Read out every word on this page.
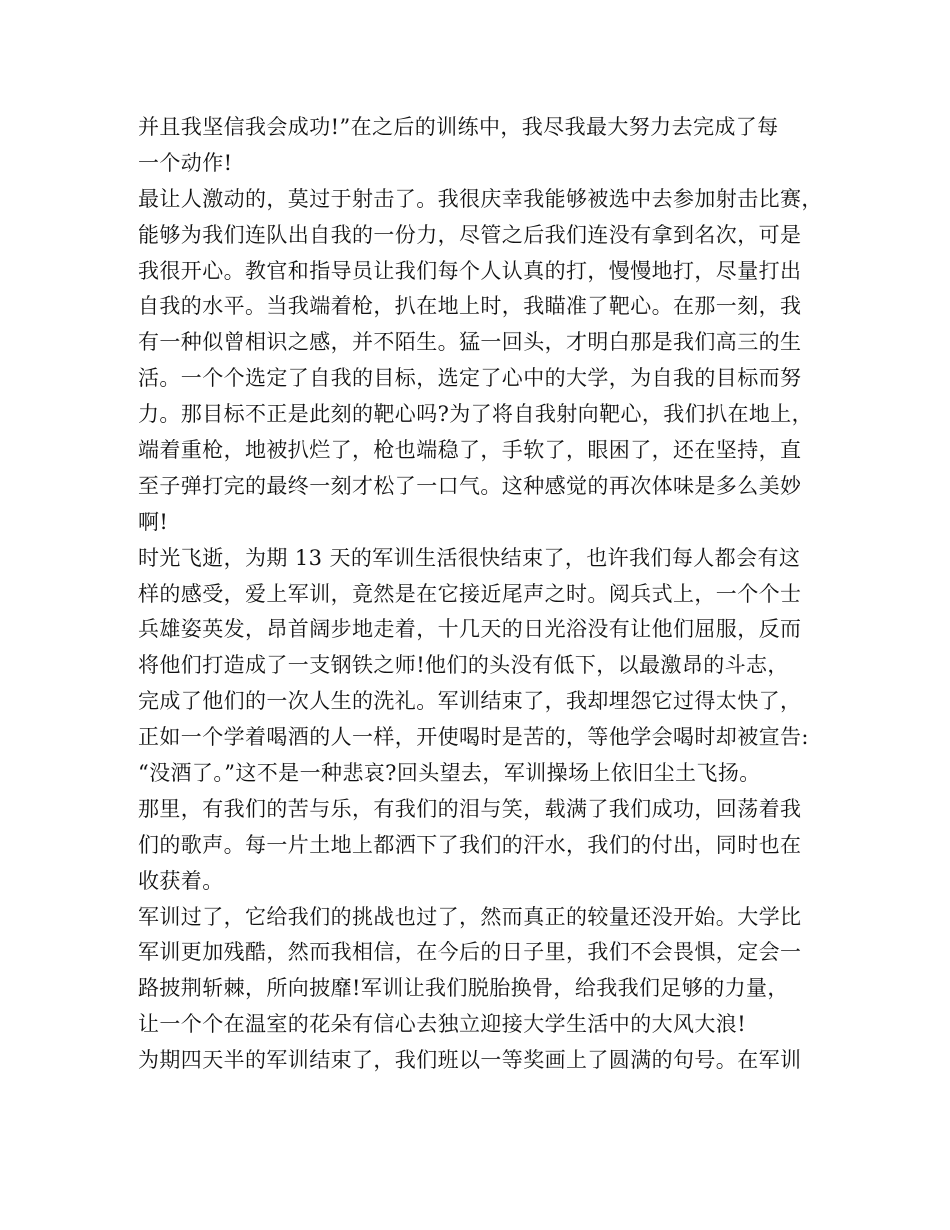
并且我坚信我会成功!”在之后的训练中，我尽我最大努力去完成了每
一个动作!
最让人激动的，莫过于射击了。我很庆幸我能够被选中去参加射击比赛，
能够为我们连队出自我的一份力，尽管之后我们连没有拿到名次，可是
我很开心。教官和指导员让我们每个人认真的打，慢慢地打，尽量打出
自我的水平。当我端着枪，扒在地上时，我瞄准了靶心。在那一刻，我
有一种似曾相识之感，并不陌生。猛一回头，才明白那是我们高三的生
活。一个个选定了自我的目标，选定了心中的大学，为自我的目标而努
力。那目标不正是此刻的靶心吗?为了将自我射向靶心，我们扒在地上，
端着重枪，地被扒烂了，枪也端稳了，手软了，眼困了，还在坚持，直
至子弹打完的最终一刻才松了一口气。这种感觉的再次体味是多么美妙
啊!
时光飞逝，为期 13 天的军训生活很快结束了，也许我们每人都会有这
样的感受，爱上军训，竟然是在它接近尾声之时。阅兵式上，一个个士
兵雄姿英发，昂首阔步地走着，十几天的日光浴没有让他们屈服，反而
将他们打造成了一支钢铁之师!他们的头没有低下，以最激昂的斗志，
完成了他们的一次人生的洗礼。军训结束了，我却埋怨它过得太快了，
正如一个学着喝酒的人一样，开使喝时是苦的，等他学会喝时却被宣告:
“没酒了。”这不是一种悲哀?回头望去，军训操场上依旧尘土飞扬。
那里，有我们的苦与乐，有我们的泪与笑，载满了我们成功，回荡着我
们的歌声。每一片土地上都洒下了我们的汗水，我们的付出，同时也在
收获着。
军训过了，它给我们的挑战也过了，然而真正的较量还没开始。大学比
军训更加残酷，然而我相信，在今后的日子里，我们不会畏惧，定会一
路披荆斩棘，所向披靡!军训让我们脱胎换骨，给我我们足够的力量，
让一个个在温室的花朵有信心去独立迎接大学生活中的大风大浪!
为期四天半的军训结束了，我们班以一等奖画上了圆满的句号。在军训
